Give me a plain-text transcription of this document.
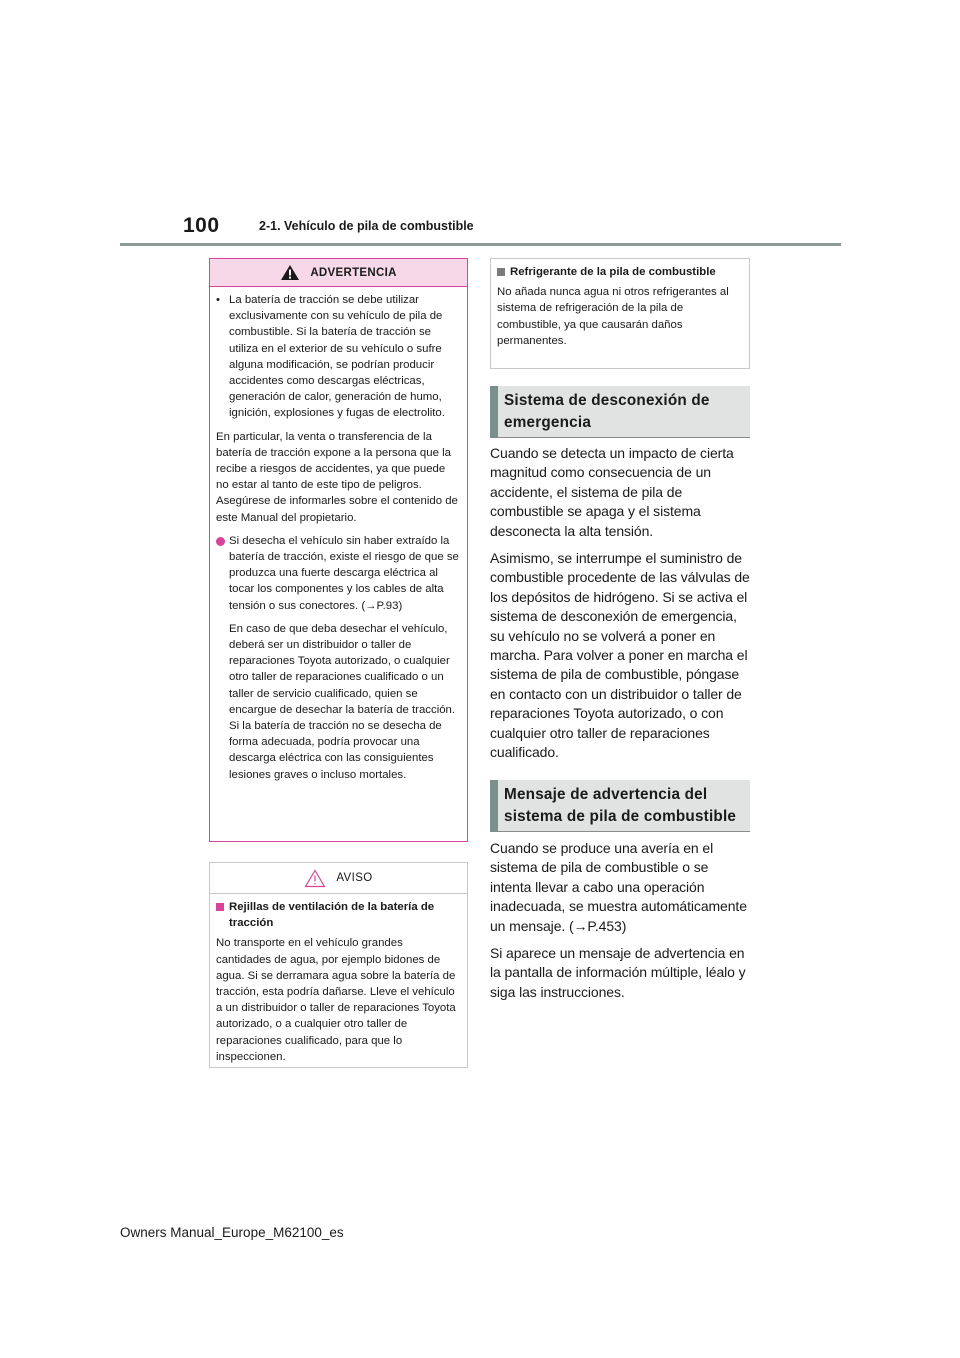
100	2-1. Vehículo de pila de combustible
ADVERTENCIA
• La batería de tracción se debe utilizar exclusivamente con su vehículo de pila de combustible. Si la batería de tracción se utiliza en el exterior de su vehículo o sufre alguna modificación, se podrían producir accidentes como descargas eléctricas, generación de calor, generación de humo, ignición, explosiones y fugas de electrolito.

En particular, la venta o transferencia de la batería de tracción expone a la persona que la recibe a riesgos de accidentes, ya que puede no estar al tanto de este tipo de peligros. Asegúrese de informarles sobre el contenido de este Manual del propietario.

Si desecha el vehículo sin haber extraído la batería de tracción, existe el riesgo de que se produzca una fuerte descarga eléctrica al tocar los componentes y los cables de alta tensión o sus conectores. (→P.93)

En caso de que deba desechar el vehículo, deberá ser un distribuidor o taller de reparaciones Toyota autorizado, o cualquier otro taller de reparaciones cualificado o un taller de servicio cualificado, quien se encargue de desechar la batería de tracción. Si la batería de tracción no se desecha de forma adecuada, podría provocar una descarga eléctrica con las consiguientes lesiones graves o incluso mortales.

AVISO

Rejillas de ventilación de la batería de tracción

No transporte en el vehículo grandes cantidades de agua, por ejemplo bidones de agua. Si se derramara agua sobre la batería de tracción, esta podría dañarse. Lleve el vehículo a un distribuidor o taller de reparaciones Toyota autorizado, o a cualquier otro taller de reparaciones cualificado, para que lo inspeccionen.

Refrigerante de la pila de combustible

No añada nunca agua ni otros refrigerantes al sistema de refrigeración de la pila de combustible, ya que causarán daños permanentes.

Sistema de desconexión de emergencia

Cuando se detecta un impacto de cierta magnitud como consecuencia de un accidente, el sistema de pila de combustible se apaga y el sistema desconecta la alta tensión.

Asimismo, se interrumpe el suministro de combustible procedente de las válvulas de los depósitos de hidrógeno. Si se activa el sistema de desconexión de emergencia, su vehículo no se volverá a poner en marcha. Para volver a poner en marcha el sistema de pila de combustible, póngase en contacto con un distribuidor o taller de reparaciones Toyota autorizado, o con cualquier otro taller de reparaciones cualificado.

Mensaje de advertencia del sistema de pila de combustible

Cuando se produce una avería en el sistema de pila de combustible o se intenta llevar a cabo una operación inadecuada, se muestra automáticamente un mensaje. (→P.453)

Si aparece un mensaje de advertencia en la pantalla de información múltiple, léalo y siga las instrucciones.

Owners Manual_Europe_M62100_es
